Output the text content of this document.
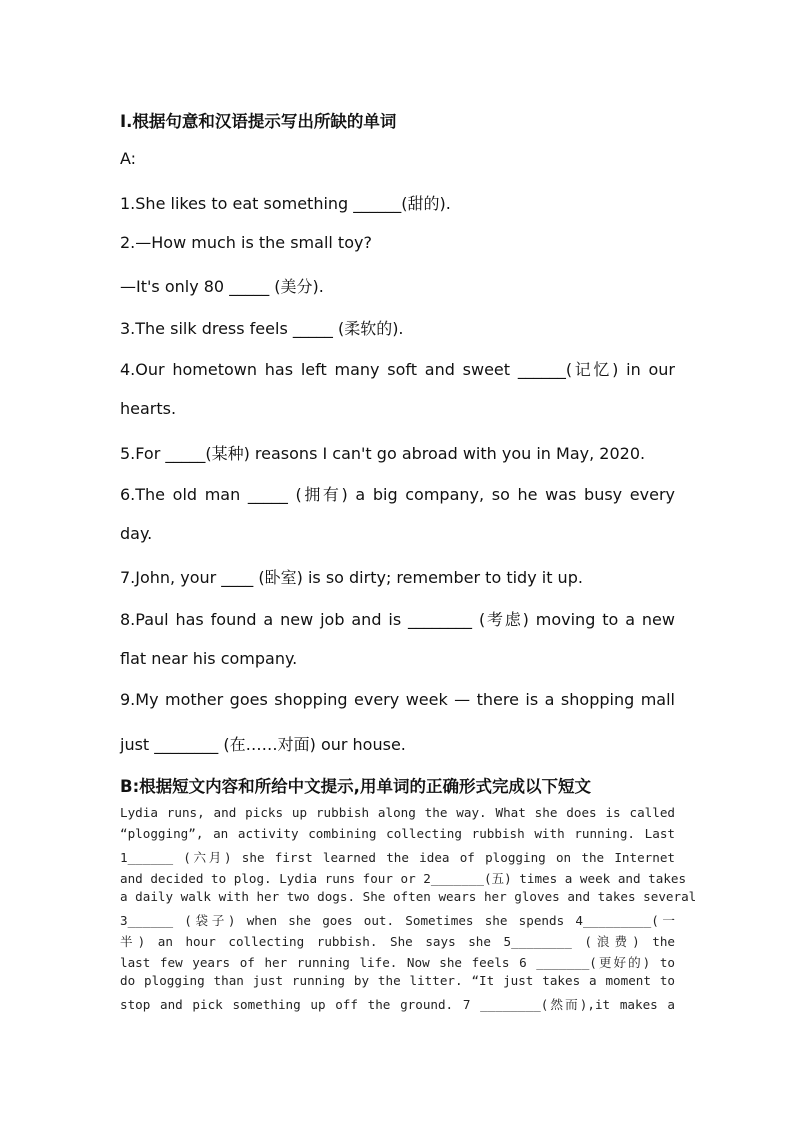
I.根据句意和汉语提示写出所缺的单词
A:
1.She likes to eat something ______(甜的).
2.—How much is the small toy?
—It's only 80 _____ (美分).
3.The silk dress feels _____ (柔软的).
4.Our hometown has left many soft and sweet ______(记忆) in our
hearts.
5.For _____(某种) reasons I can't go abroad with you in May, 2020.
6.The old man _____ (拥有) a big company, so he was busy every
day.
7.John, your ____ (卧室) is so dirty; remember to tidy it up.
8.Paul has found a new job and is ________ (考虑) moving to a new
flat near his company.
9.My mother goes shopping every week — there is a shopping mall
just ________ (在……对面) our house.
B:根据短文内容和所给中文提示,用单词的正确形式完成以下短文
Lydia runs, and picks up rubbish along the way. What she does is called
“plogging”, an activity combining collecting rubbish with running. Last
1______ (六月) she first learned the idea of plogging on the Internet
and decided to plog. Lydia runs four or 2_______(五) times a week and takes
a daily walk with her two dogs. She often wears her gloves and takes several
3______ (袋子) when she goes out. Sometimes she spends 4_________(一
半) an hour collecting rubbish. She says she 5________ (浪费) the
last few years of her running life. Now she feels 6 _______(更好的) to
do plogging than just running by the litter. “It just takes a moment to
stop and pick something up off the ground. 7 ________(然而),it makes a
